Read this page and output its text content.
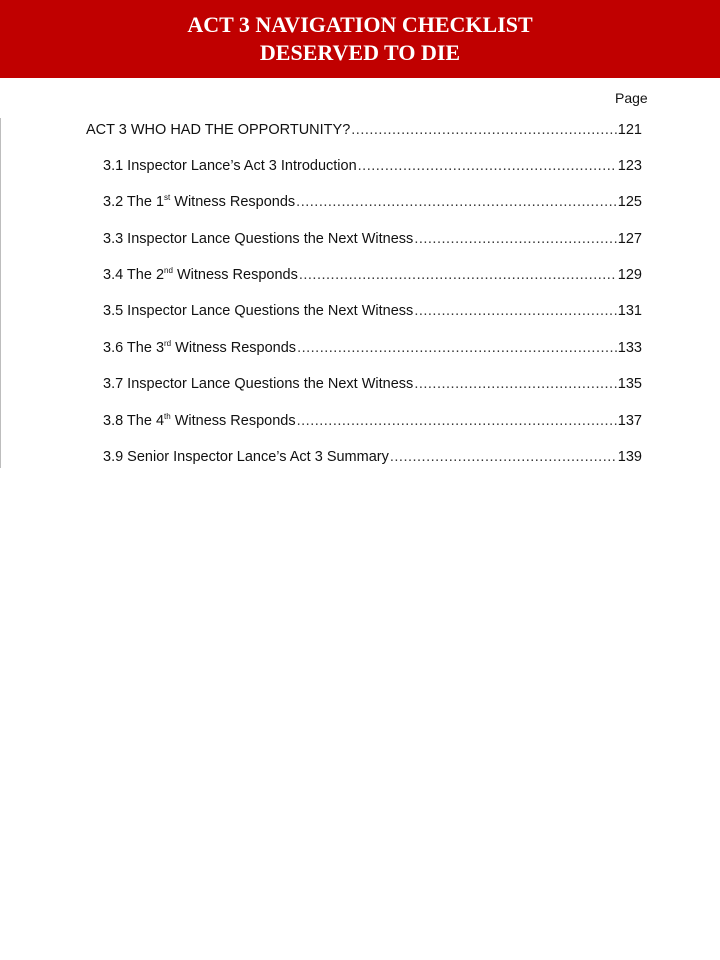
ACT 3 NAVIGATION CHECKLIST
DESERVED TO DIE
Page
ACT 3 WHO HAD THE OPPORTUNITY? .....	121
3.1 Inspector Lance’s Act 3 Introduction .....	123
3.2 The 1st Witness Responds .....	125
3.3 Inspector Lance Questions the Next Witness .....	127
3.4 The 2nd Witness Responds .....	129
3.5 Inspector Lance Questions the Next Witness .....	131
3.6 The 3rd Witness Responds .....	133
3.7 Inspector Lance Questions the Next Witness .....	135
3.8 The 4th Witness Responds .....	137
3.9 Senior Inspector Lance’s Act 3 Summary .....	139
